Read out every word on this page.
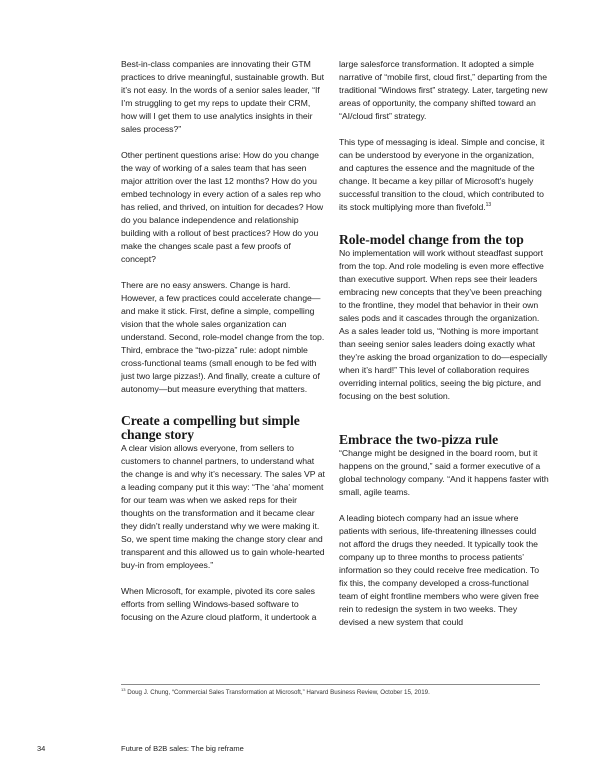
Best-in-class companies are innovating their GTM practices to drive meaningful, sustainable growth. But it’s not easy. In the words of a senior sales leader, “If I’m struggling to get my reps to update their CRM, how will I get them to use analytics insights in their sales process?”

Other pertinent questions arise: How do you change the way of working of a sales team that has seen major attrition over the last 12 months? How do you embed technology in every action of a sales rep who has relied, and thrived, on intuition for decades? How do you balance independence and relationship building with a rollout of best practices? How do you make the changes scale past a few proofs of concept?

There are no easy answers. Change is hard. However, a few practices could accelerate change— and make it stick. First, define a simple, compelling vision that the whole sales organization can understand. Second, role-model change from the top. Third, embrace the “two-pizza” rule: adopt nimble cross-functional teams (small enough to be fed with just two large pizzas!). And finally, create a culture of autonomy—but measure everything that matters.

Create a compelling but simple change story

A clear vision allows everyone, from sellers to customers to channel partners, to understand what the change is and why it’s necessary. The sales VP at a leading company put it this way: “The ‘aha’ moment for our team was when we asked reps for their thoughts on the transformation and it became clear they didn’t really understand why we were making it. So, we spent time making the change story clear and transparent and this allowed us to gain whole-hearted buy-in from employees.”

When Microsoft, for example, pivoted its core sales efforts from selling Windows-based software to focusing on the Azure cloud platform, it undertook a

large salesforce transformation. It adopted a simple narrative of “mobile first, cloud first,” departing from the traditional “Windows first” strategy. Later, targeting new areas of opportunity, the company shifted toward an “AI/cloud first” strategy.

This type of messaging is ideal. Simple and concise, it can be understood by everyone in the organization, and captures the essence and the magnitude of the change. It became a key pillar of Microsoft’s hugely successful transition to the cloud, which contributed to its stock multiplying more than fivefold.$^{13}$

Role-model change from the top

No implementation will work without steadfast support from the top. And role modeling is even more effective than executive support. When reps see their leaders embracing new concepts that they’ve been preaching to the frontline, they model that behavior in their own sales pods and it cascades through the organization. As a sales leader told us, “Nothing is more important than seeing senior sales leaders doing exactly what they’re asking the broad organization to do—especially when it’s hard!” This level of collaboration requires overriding internal politics, seeing the big picture, and focusing on the best solution.

Embrace the two-pizza rule

“Change might be designed in the board room, but it happens on the ground,” said a former executive of a global technology company. “And it happens faster with small, agile teams.

A leading biotech company had an issue where patients with serious, life-threatening illnesses could not afford the drugs they needed. It typically took the company up to three months to process patients’ information so they could receive free medication. To fix this, the company developed a cross-functional team of eight frontline members who were given free rein to redesign the system in two weeks. They devised a new system that could

$^{13}$ Doug J. Chung, “Commercial Sales Transformation at Microsoft,” Harvard Business Review, October 15, 2019.
34	Future of B2B sales: The big reframe
